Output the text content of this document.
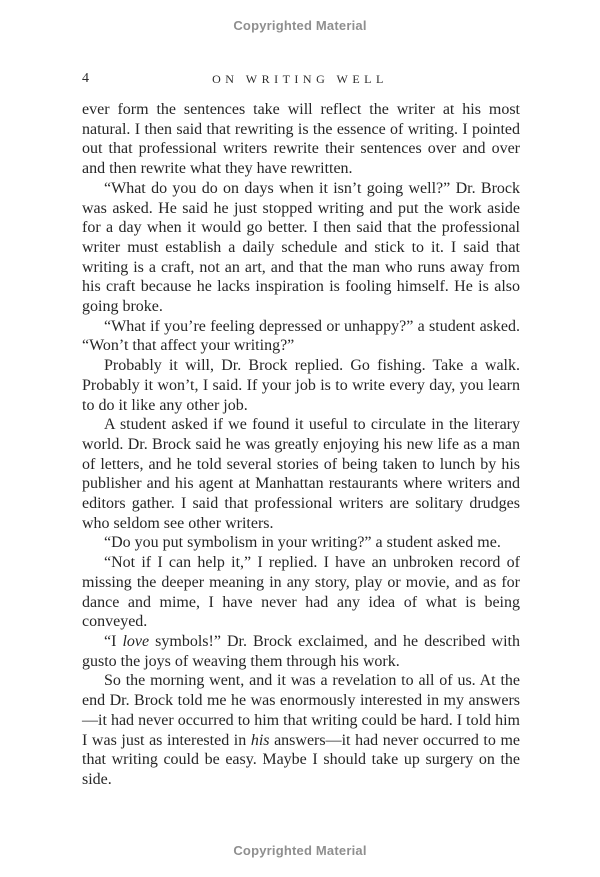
Copyrighted Material
4	ON WRITING WELL

ever form the sentences take will reflect the writer at his most natural. I then said that rewriting is the essence of writing. I pointed out that professional writers rewrite their sentences over and over and then rewrite what they have rewritten.

“What do you do on days when it isn’t going well?” Dr. Brock was asked. He said he just stopped writing and put the work aside for a day when it would go better. I then said that the professional writer must establish a daily schedule and stick to it. I said that writing is a craft, not an art, and that the man who runs away from his craft because he lacks inspiration is fooling himself. He is also going broke.

“What if you’re feeling depressed or unhappy?” a student asked. “Won’t that affect your writing?”

Probably it will, Dr. Brock replied. Go fishing. Take a walk. Probably it won’t, I said. If your job is to write every day, you learn to do it like any other job.

A student asked if we found it useful to circulate in the literary world. Dr. Brock said he was greatly enjoying his new life as a man of letters, and he told several stories of being taken to lunch by his publisher and his agent at Manhattan restaurants where writers and editors gather. I said that professional writers are solitary drudges who seldom see other writers.

“Do you put symbolism in your writing?” a student asked me.

“Not if I can help it,” I replied. I have an unbroken record of missing the deeper meaning in any story, play or movie, and as for dance and mime, I have never had any idea of what is being conveyed.

“I love symbols!” Dr. Brock exclaimed, and he described with gusto the joys of weaving them through his work.

So the morning went, and it was a revelation to all of us. At the end Dr. Brock told me he was enormously interested in my answers—it had never occurred to him that writing could be hard. I told him I was just as interested in his answers—it had never occurred to me that writing could be easy. Maybe I should take up surgery on the side.

Copyrighted Material
